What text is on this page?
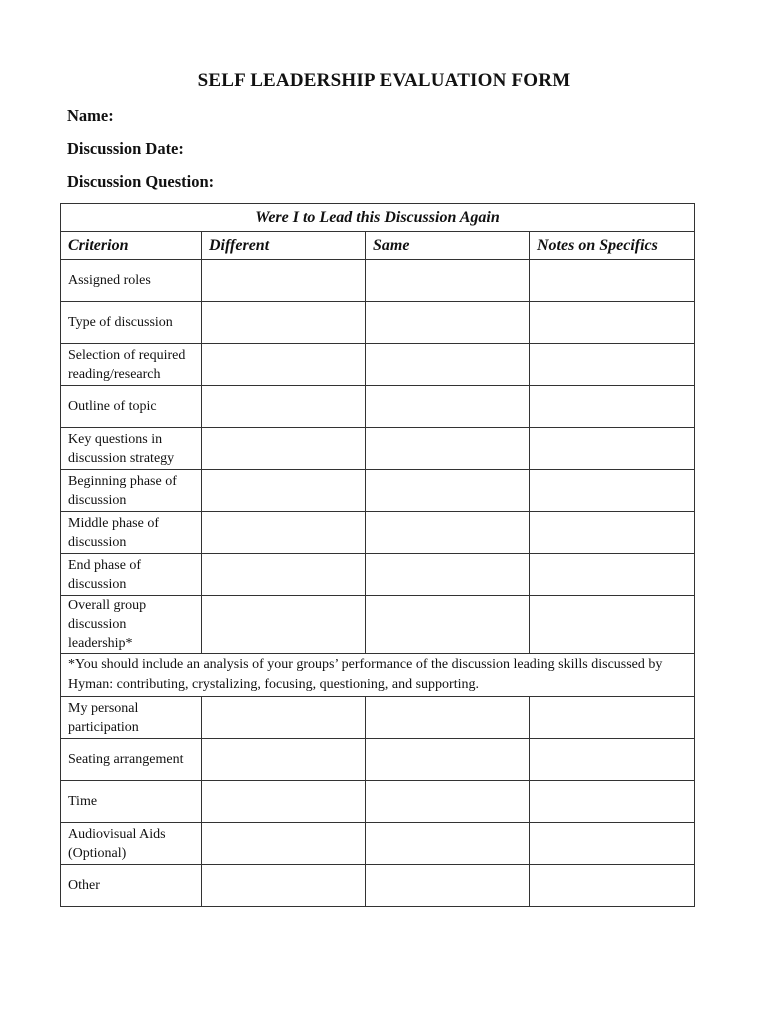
SELF LEADERSHIP EVALUATION FORM
Name:
Discussion Date:
Discussion Question:
Were I to Lead this Discussion Again			
Criterion	Different	Same	Notes on Specifics
Assigned roles			
Type of discussion			
Selection of required reading/research			
Outline of topic			
Key questions in discussion strategy			
Beginning phase of discussion			
Middle phase of discussion			
End phase of discussion			
Overall group discussion leadership*			
*You should include an analysis of your groups’ performance of the discussion leading skills discussed by Hyman: contributing, crystalizing, focusing, questioning, and supporting.			
My personal participation			
Seating arrangement			
Time			
Audiovisual Aids (Optional)			
Other			
